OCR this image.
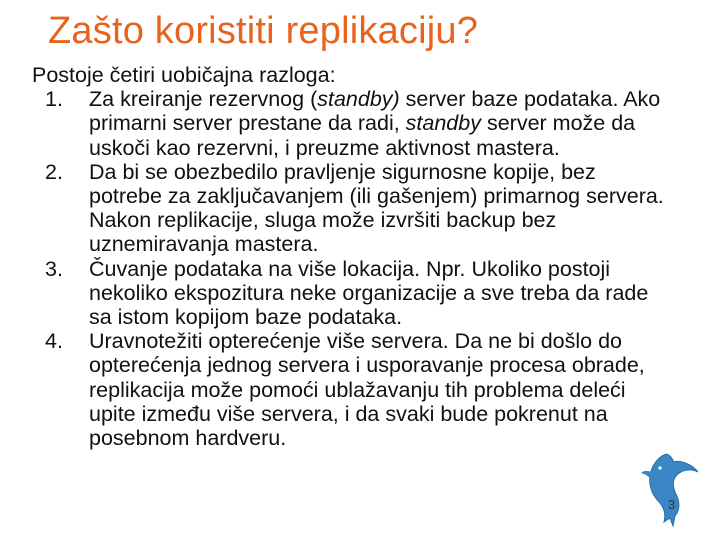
Zašto koristiti replikaciju?
Postoje četiri uobičajna razloga:
1. Za kreiranje rezervnog (standby) server baze podataka. Ako primarni server prestane da radi, standby server može da uskoči kao rezervni, i preuzme aktivnost mastera.
2. Da bi se obezbedilo pravljenje sigurnosne kopije, bez potrebe za zaključavanjem (ili gašenjem) primarnog servera. Nakon replikacije, sluga može izvršiti backup bez uznemiravanja mastera.
3. Čuvanje podataka na više lokacija. Npr. Ukoliko postoji nekoliko ekspozitura neke organizacije a sve treba da rade sa istom kopijom baze podataka.
4. Uravnotežiti opterećenje više servera. Da ne bi došlo do opterećenja jednog servera i usporavanje procesa obrade, replikacija može pomoći ublažavanju tih problema deleći upite između više servera, i da svaki bude pokrenut na posebnom hardveru.
3
